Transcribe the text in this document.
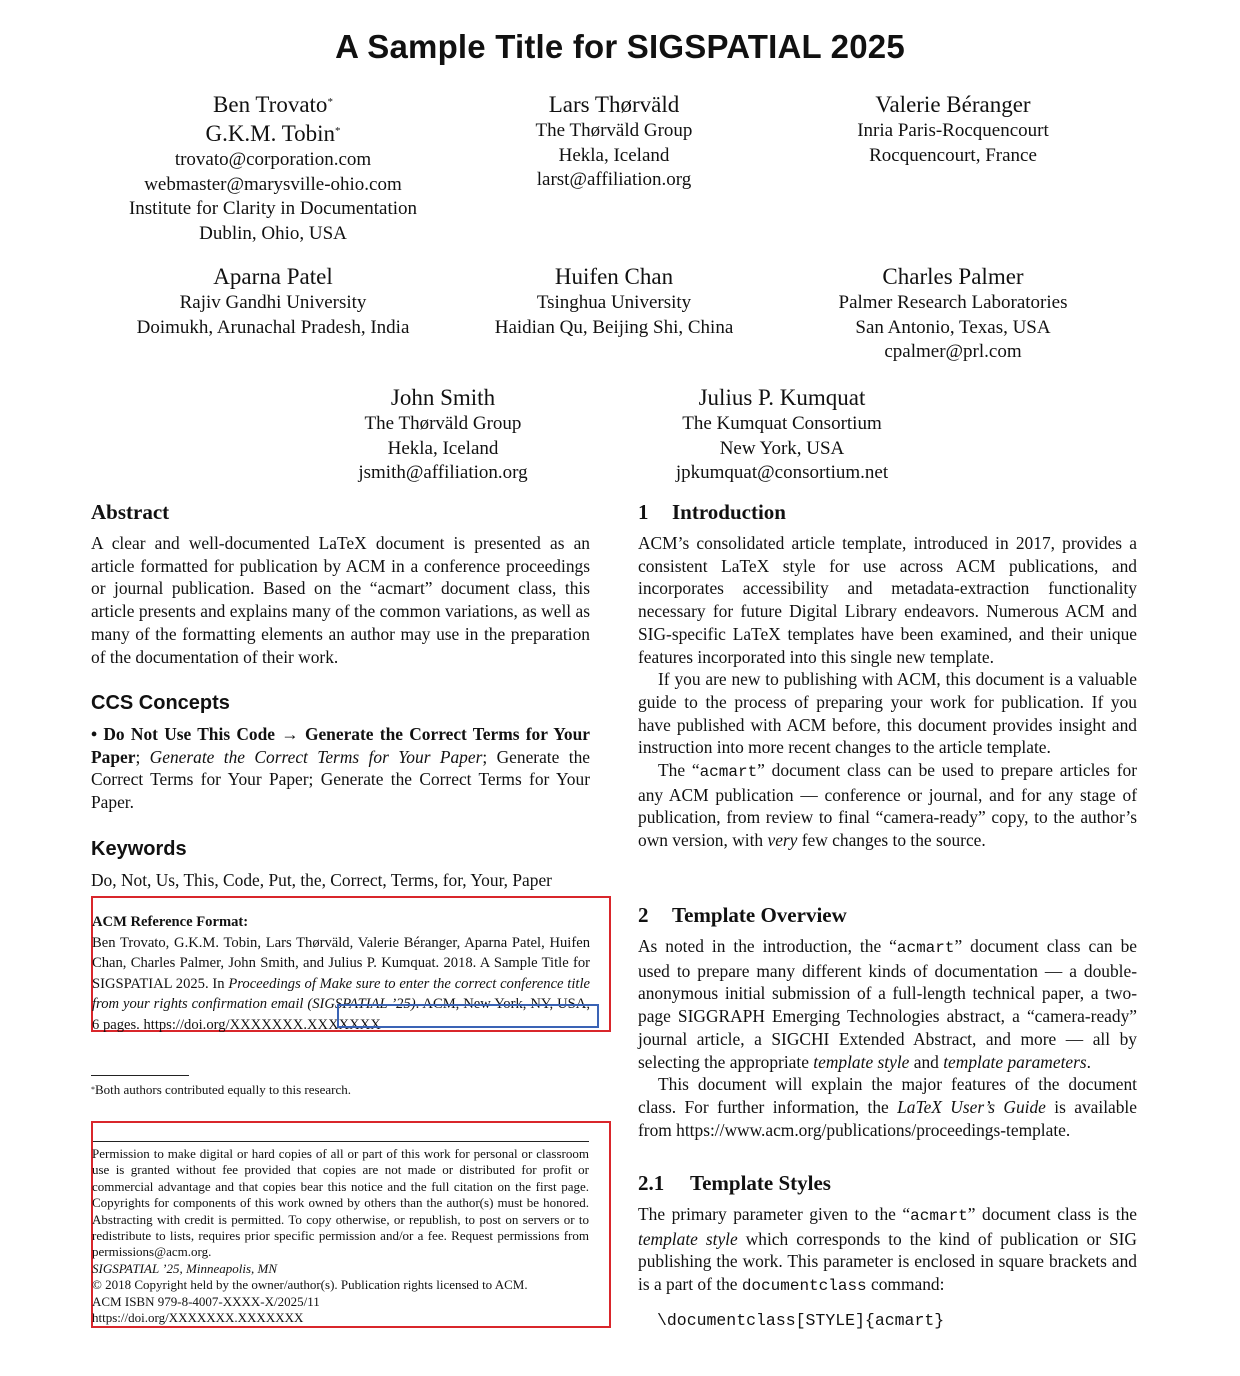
A Sample Title for SIGSPATIAL 2025
Ben Trovato*
G.K.M. Tobin*
trovato@corporation.com
webmaster@marysville-ohio.com
Institute for Clarity in Documentation
Dublin, Ohio, USA
Lars Thørväld
The Thørväld Group
Hekla, Iceland
larst@affiliation.org
Valerie Béranger
Inria Paris-Rocquencourt
Rocquencourt, France
Aparna Patel
Rajiv Gandhi University
Doimukh, Arunachal Pradesh, India
Huifen Chan
Tsinghua University
Haidian Qu, Beijing Shi, China
Charles Palmer
Palmer Research Laboratories
San Antonio, Texas, USA
cpalmer@prl.com
John Smith
The Thørväld Group
Hekla, Iceland
jsmith@affiliation.org
Julius P. Kumquat
The Kumquat Consortium
New York, USA
jpkumquat@consortium.net
Abstract
A clear and well-documented LaTeX document is presented as an article formatted for publication by ACM in a conference proceedings or journal publication. Based on the “acmart” document class, this article presents and explains many of the common variations, as well as many of the formatting elements an author may use in the preparation of the documentation of their work.
CCS Concepts
• Do Not Use This Code → Generate the Correct Terms for Your Paper; Generate the Correct Terms for Your Paper; Generate the Correct Terms for Your Paper; Generate the Correct Terms for Your Paper.
Keywords
Do, Not, Us, This, Code, Put, the, Correct, Terms, for, Your, Paper
ACM Reference Format:
Ben Trovato, G.K.M. Tobin, Lars Thørväld, Valerie Béranger, Aparna Patel, Huifen Chan, Charles Palmer, John Smith, and Julius P. Kumquat. 2018. A Sample Title for SIGSPATIAL 2025. In Proceedings of Make sure to enter the correct conference title from your rights confirmation email (SIGSPATIAL ’25). ACM, New York, NY, USA, 6 pages. https://doi.org/XXXXXXX.XXXXXXX
*Both authors contributed equally to this research.
Permission to make digital or hard copies of all or part of this work for personal or classroom use is granted without fee provided that copies are not made or distributed for profit or commercial advantage and that copies bear this notice and the full citation on the first page. Copyrights for components of this work owned by others than the author(s) must be honored. Abstracting with credit is permitted. To copy otherwise, or republish, to post on servers or to redistribute to lists, requires prior specific permission and/or a fee. Request permissions from permissions@acm.org.
SIGSPATIAL ’25, Minneapolis, MN
© 2018 Copyright held by the owner/author(s). Publication rights licensed to ACM.
ACM ISBN 979-8-4007-XXXX-X/2025/11
https://doi.org/XXXXXXX.XXXXXXX
1 Introduction
ACM’s consolidated article template, introduced in 2017, provides a consistent LaTeX style for use across ACM publications, and incorporates accessibility and metadata-extraction functionality necessary for future Digital Library endeavors. Numerous ACM and SIG-specific LaTeX templates have been examined, and their unique features incorporated into this single new template.
If you are new to publishing with ACM, this document is a valuable guide to the process of preparing your work for publication. If you have published with ACM before, this document provides insight and instruction into more recent changes to the article template.
The “acmart” document class can be used to prepare articles for any ACM publication — conference or journal, and for any stage of publication, from review to final “camera-ready” copy, to the author’s own version, with very few changes to the source.
2 Template Overview
As noted in the introduction, the “acmart” document class can be used to prepare many different kinds of documentation — a double-anonymous initial submission of a full-length technical paper, a two-page SIGGRAPH Emerging Technologies abstract, a “camera-ready” journal article, a SIGCHI Extended Abstract, and more — all by selecting the appropriate template style and template parameters.
This document will explain the major features of the document class. For further information, the LaTeX User’s Guide is available from https://www.acm.org/publications/proceedings-template.
2.1 Template Styles
The primary parameter given to the “acmart” document class is the template style which corresponds to the kind of publication or SIG publishing the work. This parameter is enclosed in square brackets and is a part of the documentclass command:
\documentclass[STYLE]{acmart}
